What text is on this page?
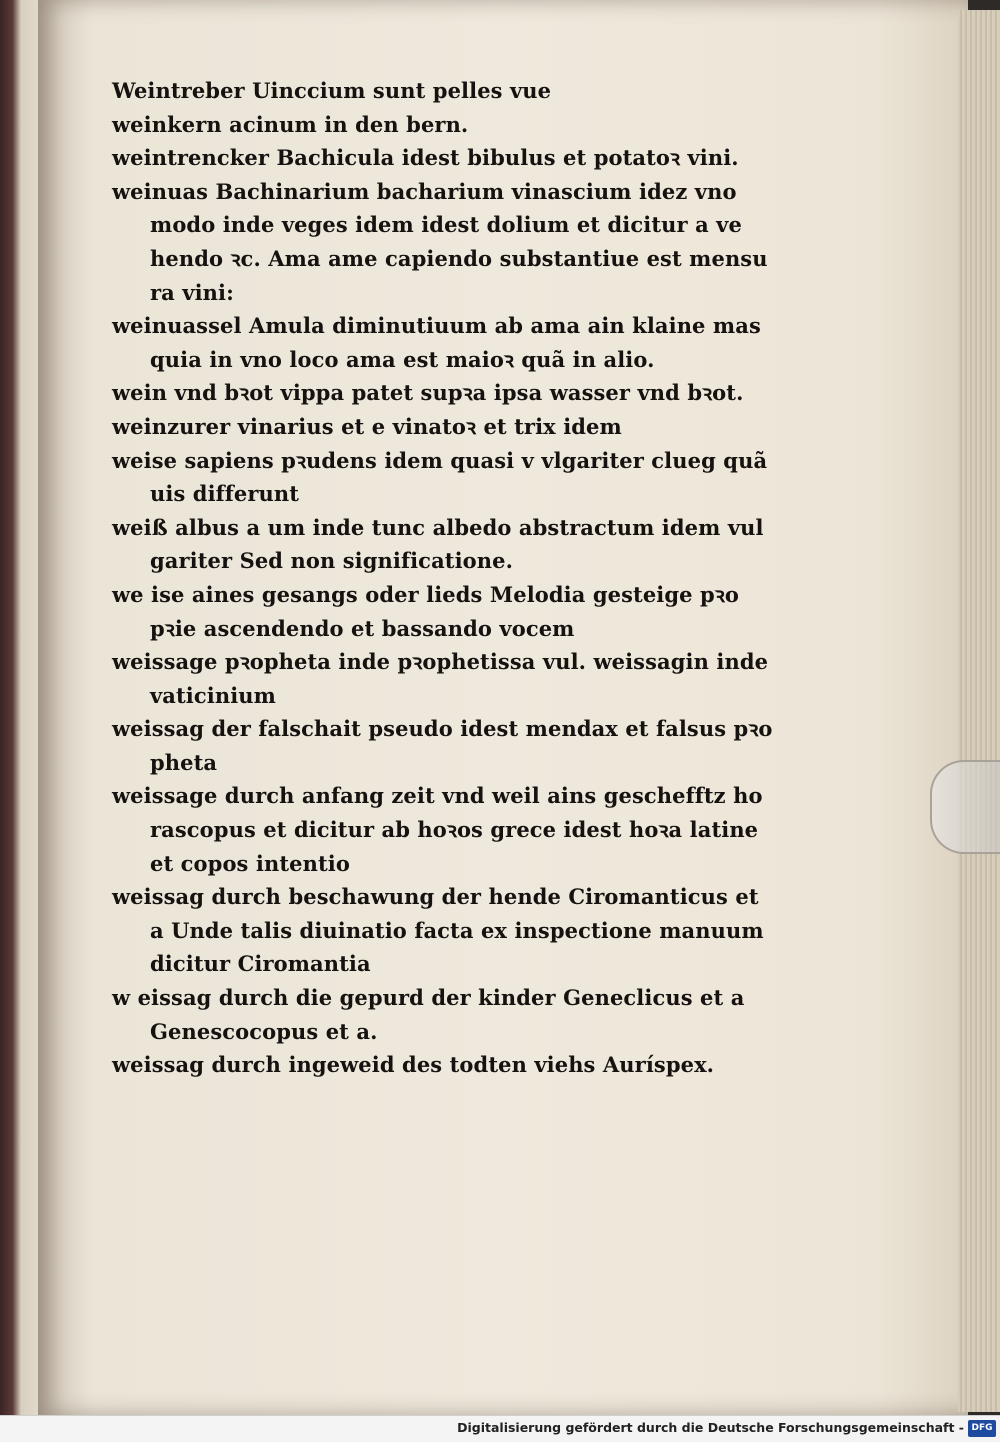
Weintreber Uinccium sunt pelles vue
weinkern acinum in den bern.
weintrencker Bachicula idest bibulus et potatoꝛ vini.
weinuas Bachinarium bacharium vinascium idez vno
modo inde veges idem idest dolium et dicitur a ve
hendo ꝛc. Ama ame capiendo substantiue est mensu
ra vini:
weinuassel Amula diminutiuum ab ama ain klaine mas
quia in vno loco ama est maioꝛ quã in alio.
wein vnd bꝛot vippa patet supꝛa ipsa wasser vnd bꝛot.
weinzurer vinarius et e vinatoꝛ et trix idem
weise sapiens pꝛudens idem quasi v vlgariter clueg quã
uis differunt
weiß albus a um inde tunc albedo abstractum idem vul
gariter Sed non significatione.
we ise aines gesangs oder lieds Melodia gesteige pꝛo
pꝛie ascendendo et bassando vocem
weissage pꝛopheta inde pꝛophetissa vul. weissagin inde
vaticinium
weissag der falschait pseudo idest mendax et falsus pꝛo
pheta
weissage durch anfang zeit vnd weil ains geschefftz ho
rascopus et dicitur ab hoꝛos grece idest hoꝛa latine
et copos intentio
weissag durch beschawung der hende Ciromanticus et
a Unde talis diuinatio facta ex inspectione manuum
dicitur Ciromantia
w eissag durch die gepurd der kinder Geneclicus et a
Genescocopus et a.
weissag durch ingeweid des todten viehs Auríspex.
Digitalisierung gefördert durch die Deutsche Forschungsgemeinschaft - DFG
